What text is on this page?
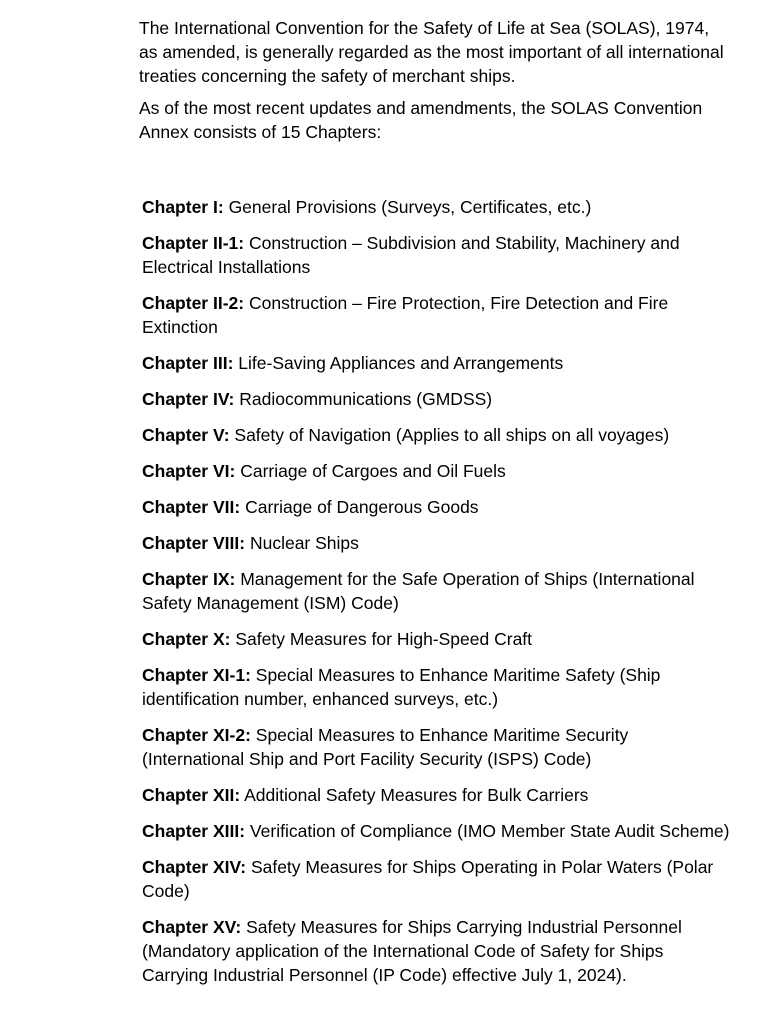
The International Convention for the Safety of Life at Sea (SOLAS), 1974, as amended, is generally regarded as the most important of all international treaties concerning the safety of merchant ships.

As of the most recent updates and amendments, the SOLAS Convention Annex consists of 15 Chapters:

Chapter I: General Provisions (Surveys, Certificates, etc.)
Chapter II-1: Construction – Subdivision and Stability, Machinery and Electrical Installations
Chapter II-2: Construction – Fire Protection, Fire Detection and Fire Extinction
Chapter III: Life-Saving Appliances and Arrangements
Chapter IV: Radiocommunications (GMDSS)
Chapter V: Safety of Navigation (Applies to all ships on all voyages)
Chapter VI: Carriage of Cargoes and Oil Fuels
Chapter VII: Carriage of Dangerous Goods
Chapter VIII: Nuclear Ships
Chapter IX: Management for the Safe Operation of Ships (International Safety Management (ISM) Code)
Chapter X: Safety Measures for High-Speed Craft
Chapter XI-1: Special Measures to Enhance Maritime Safety (Ship identification number, enhanced surveys, etc.)
Chapter XI-2: Special Measures to Enhance Maritime Security (International Ship and Port Facility Security (ISPS) Code)
Chapter XII: Additional Safety Measures for Bulk Carriers
Chapter XIII: Verification of Compliance (IMO Member State Audit Scheme)
Chapter XIV: Safety Measures for Ships Operating in Polar Waters (Polar Code)
Chapter XV: Safety Measures for Ships Carrying Industrial Personnel (Mandatory application of the International Code of Safety for Ships Carrying Industrial Personnel (IP Code) effective July 1, 2024).
